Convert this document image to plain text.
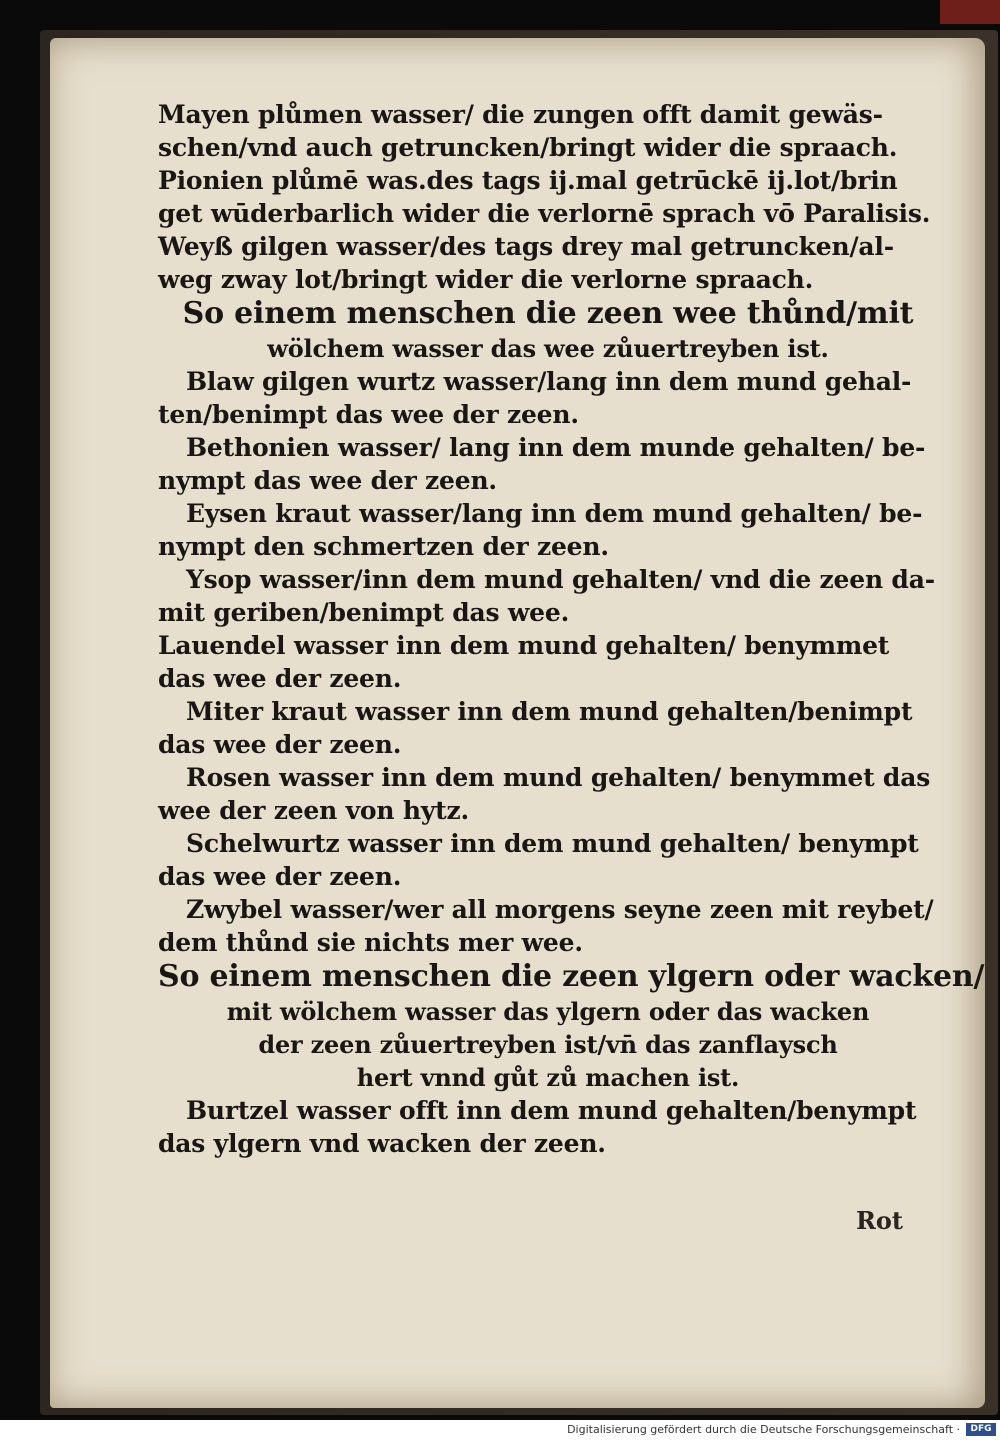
Mayen plůmen wasser/ die zungen offt damit gewäs-
schen/vnd auch getruncken/bringt wider die spraach.
Pionien plůmē was.des tags ij.mal getrūckē ij.lot/brin
get wūderbarlich wider die verlornē sprach vō Paralisis.
Weyß gilgen wasser/des tags drey mal getruncken/al-
weg zway lot/bringt wider die verlorne spraach.
So einem menschen die zeen wee thůnd/mit
wölchem wasser das wee zůuertreyben ist.
Blaw gilgen wurtz wasser/lang inn dem mund gehal-
ten/benimpt das wee der zeen.
Bethonien wasser/ lang inn dem munde gehalten/ be-
nympt das wee der zeen.
Eysen kraut wasser/lang inn dem mund gehalten/ be-
nympt den schmertzen der zeen.
Ysop wasser/inn dem mund gehalten/ vnd die zeen da-
mit geriben/benimpt das wee.
Lauendel wasser inn dem mund gehalten/ benymmet
das wee der zeen.
Miter kraut wasser inn dem mund gehalten/benimpt
das wee der zeen.
Rosen wasser inn dem mund gehalten/ benymmet das
wee der zeen von hytz.
Schelwurtz wasser inn dem mund gehalten/ benympt
das wee der zeen.
Zwybel wasser/wer all morgens seyne zeen mit reybet/
dem thůnd sie nichts mer wee.
So einem menschen die zeen ylgern oder wacken/
mit wölchem wasser das ylgern oder das wacken
der zeen zůuertreyben ist/vn̄ das zanflaysch
hert vnnd gůt zů machen ist.
Burtzel wasser offt inn dem mund gehalten/benympt
das ylgern vnd wacken der zeen.
Rot
Digitalisierung gefördert durch die Deutsche Forschungsgemeinschaft ·	DFG
